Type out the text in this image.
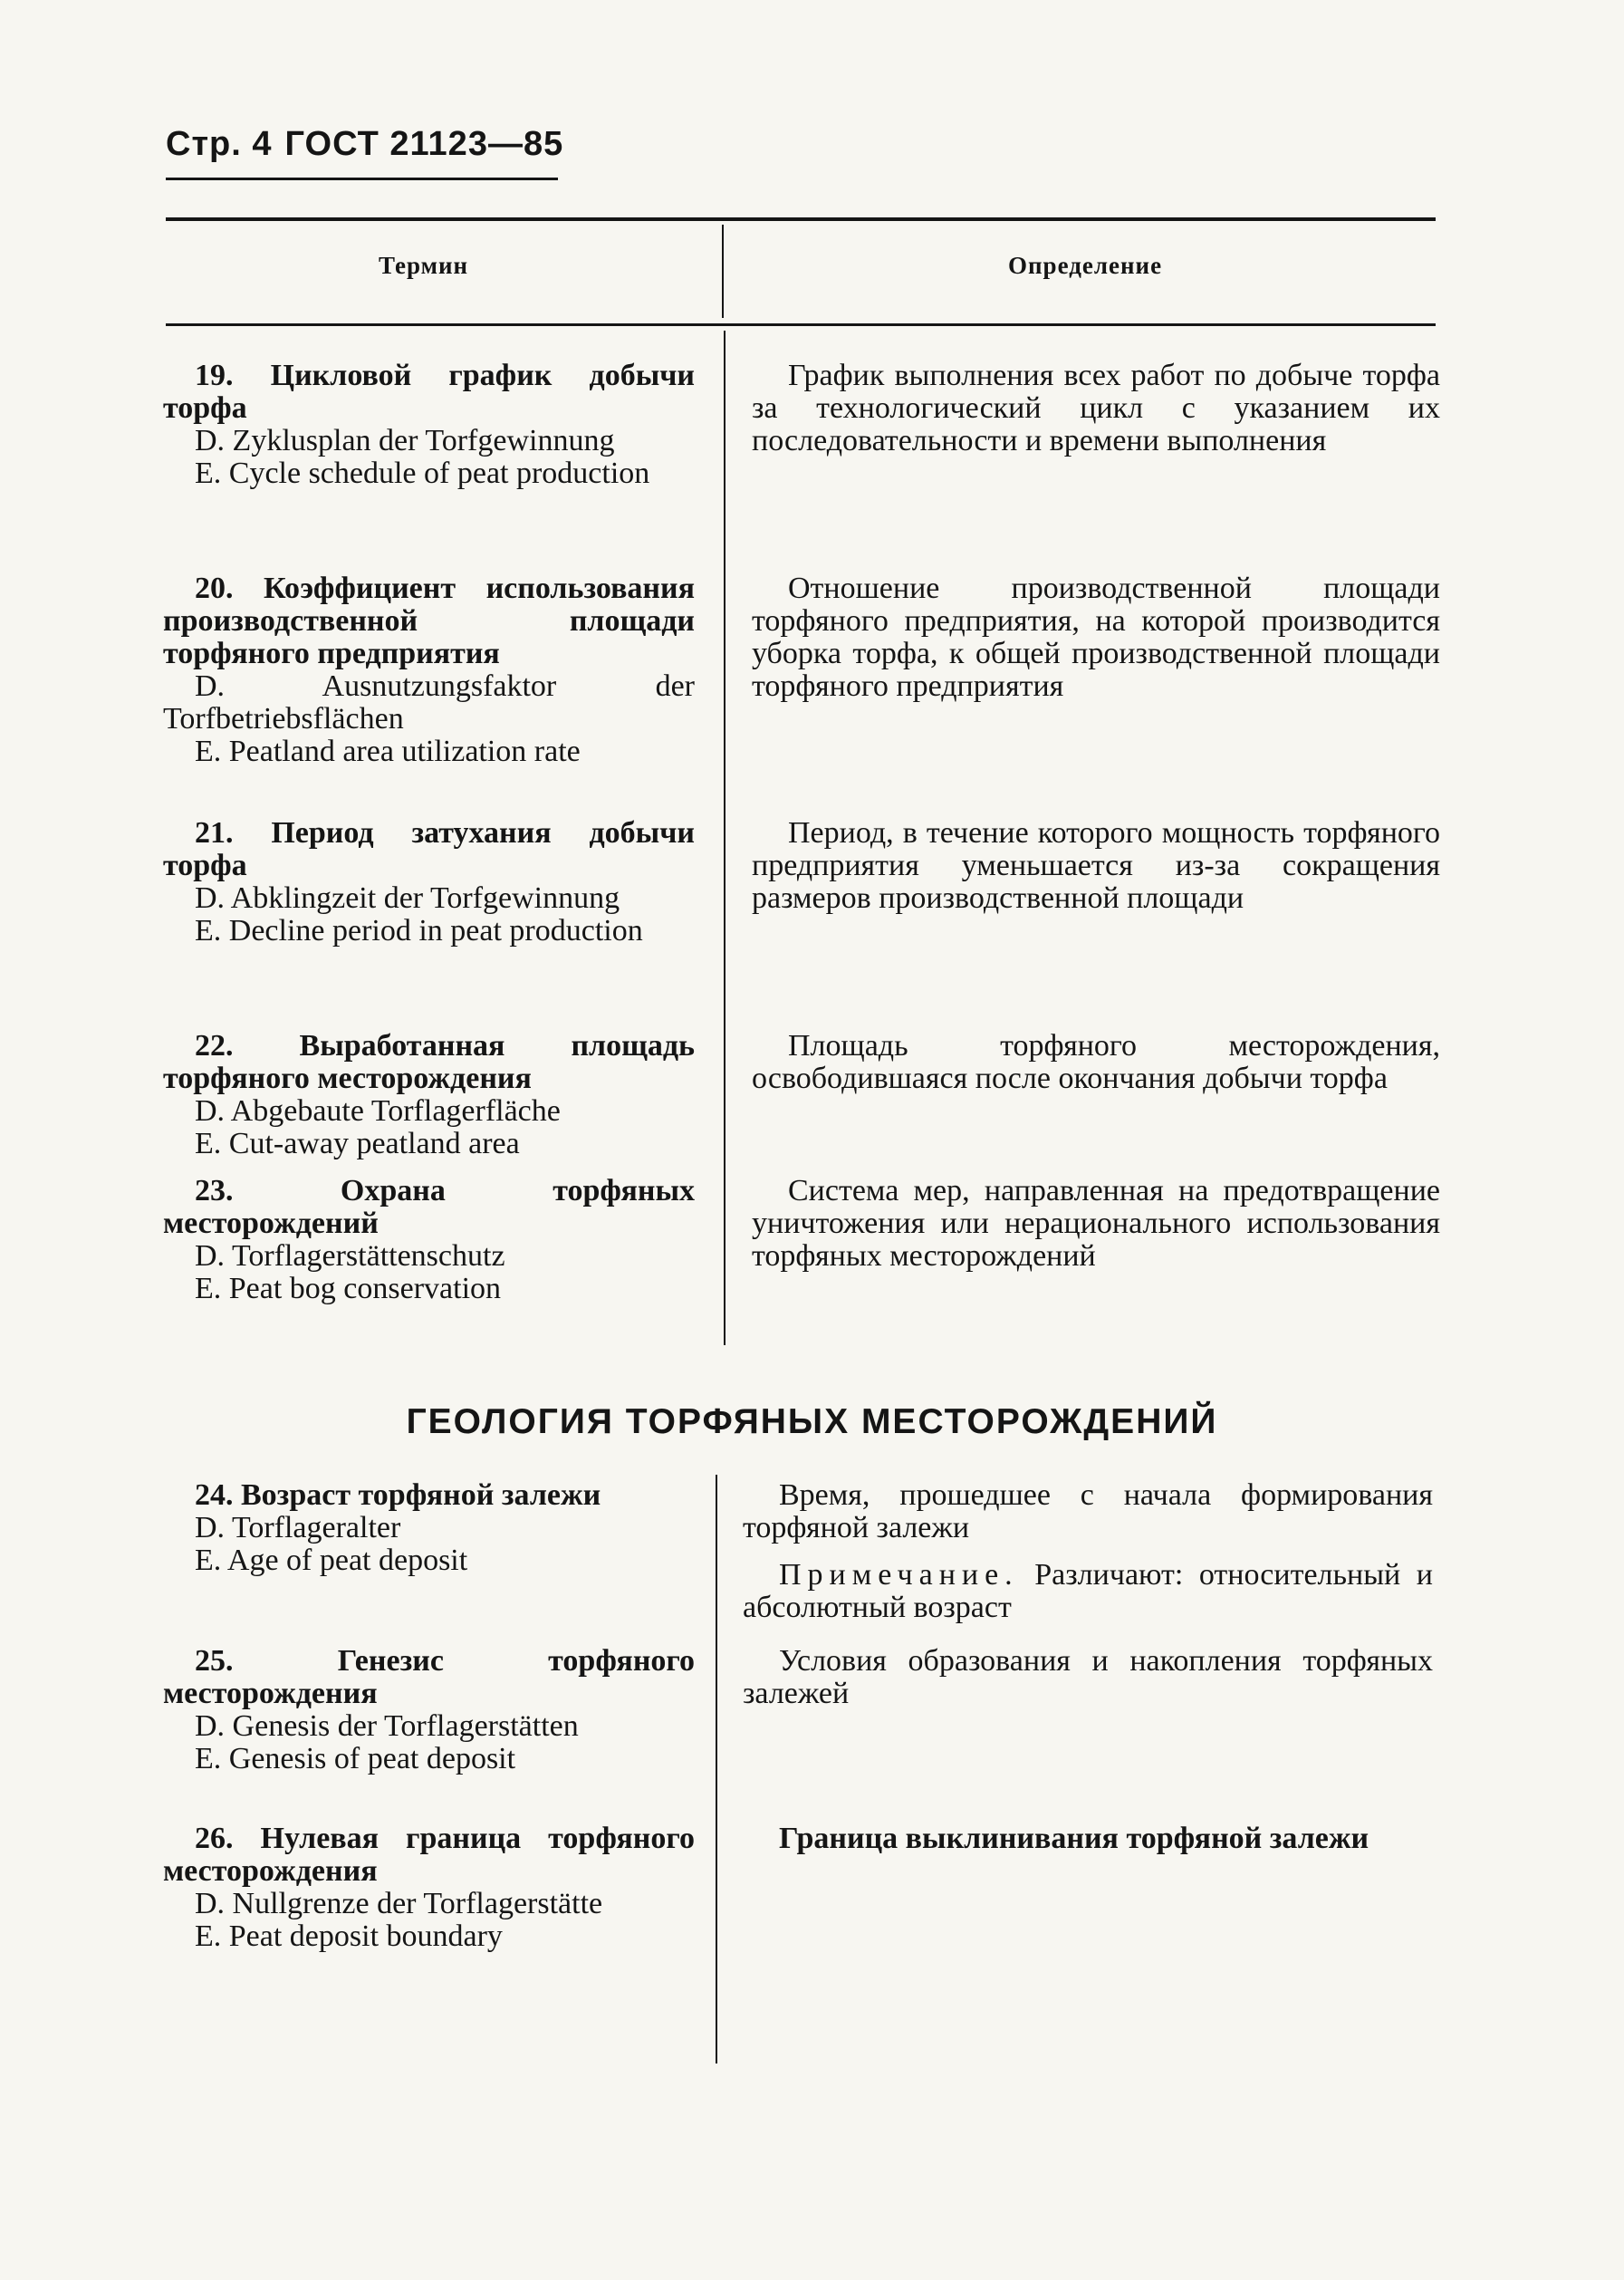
Стр. 4 ГОСТ 21123—85
Термин	Определение
19. Цикловой график добычи торфа
D. Zyklusplan der Torfgewinnung
E. Cycle schedule of peat production
График выполнения всех работ по добыче торфа за технологический цикл с указанием их последовательности и времени выполнения
20. Коэффициент использования производственной площади торфяного предприятия
D. Ausnutzungsfaktor der Torfbetriebsflächen
E. Peatland area utilization rate
Отношение производственной площади торфяного предприятия, на которой производится уборка торфа, к общей производственной площади торфяного предприятия
21. Период затухания добычи торфа
D. Abklingzeit der Torfgewinnung
E. Decline period in peat production
Период, в течение которого мощность торфяного предприятия уменьшается из-за сокращения размеров производственной площади
22. Выработанная площадь торфяного месторождения
D. Abgebaute Torflagerfläche
E. Cut-away peatland area
Площадь торфяного месторождения, освободившаяся после окончания добычи торфа
23.	Охрана торфяных месторождений
D. Torflagerstättenschutz
E. Peat bog conservation
Система мер, направленная на предотвращение уничтожения или нерационального использования торфяных месторождений
ГЕОЛОГИЯ ТОРФЯНЫХ МЕСТОРОЖДЕНИЙ
24. Возраст торфяной залежи
D. Torflageralter
E. Age of peat deposit

Время, прошедшее с начала формирования торфяной залежи

Примечание. Различают: относительный и абсолютный возраст

25.	Генезис торфяного месторождения
D. Genesis der Torflagerstätten
E. Genesis of peat deposit
Условия образования и накопления торфяных залежей
26. Нулевая граница торфяного месторождения
D. Nullgrenze der Torflagerstätte
E. Peat deposit boundary
Граница выклинивания торфяной залежи
